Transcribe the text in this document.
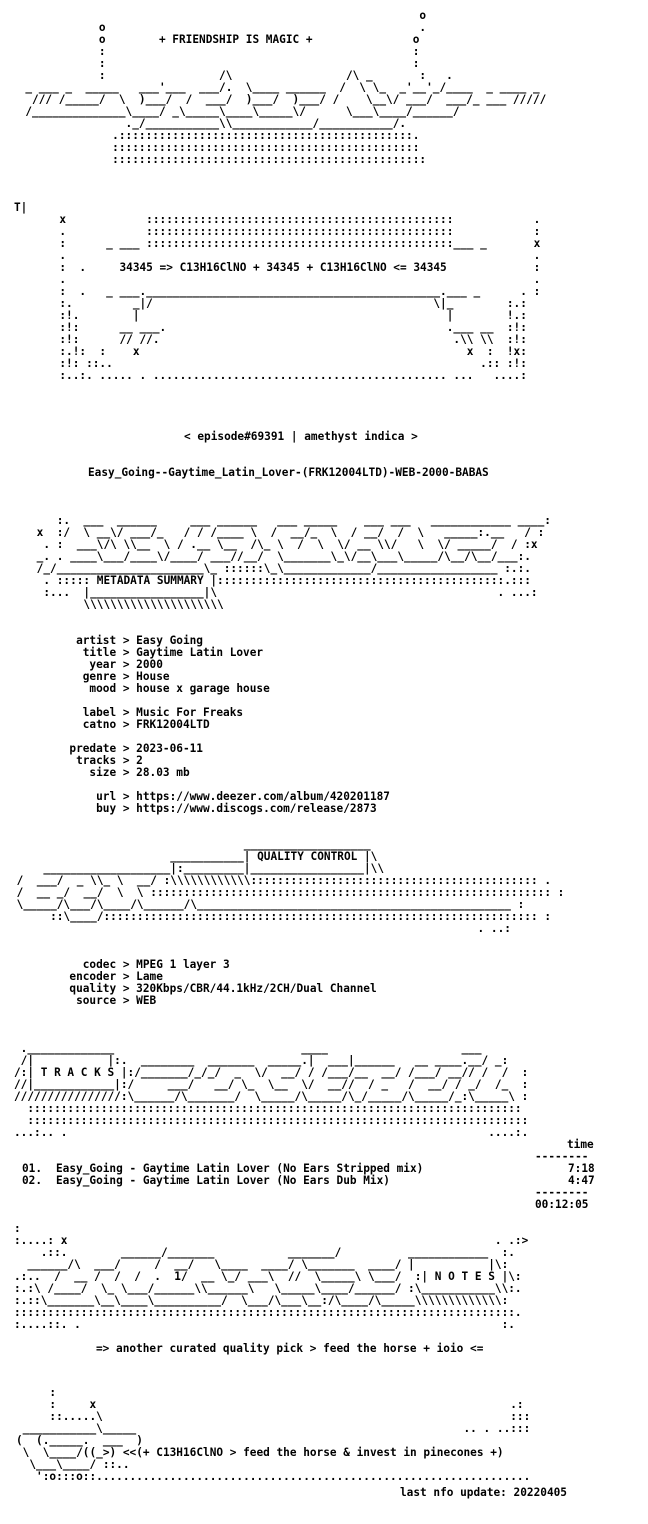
o
o                                               .
o        + FRIENDSHIP IS MAGIC +               o
:                                              :
:                                              :
:                 /\                 /\ _       :   .
_ ___ _  _____   ___'___  ___/.  \____ ______  /  \ \_  _'__'_/____  _ ____ _
/// /_____/  \  )___/  /  ___/  )___/  )___/ /    \__\/ ___/  ___/_ ___ /////
/______________\____/ _\_____\____\_____\/      \___\____/______/
._/___________\\____________/___________/.
.::::::::::::::::::::::::::::::::::::::::::::.
::::::::::::::::::::::::::::::::::::::::::::::
:::::::::::::::::::::::::::::::::::::::::::::::
T|
x            ::::::::::::::::::::::::::::::::::::::::::::::            .
.            ::::::::::::::::::::::::::::::::::::::::::::::            :
:      _ ___ ::::::::::::::::::::::::::::::::::::::::::::::___ _       x
.                                                                      .
:  .     34345 => C13H16ClNO + 34345 + C13H16ClNO <= 34345             :
.                                                                      .
:  .   _ ___.____________________________________________.___ _      . :
:.         _|/                                          \|_        :.:
:!.        |                                              |        !.:
:!:      __ ___.                                          .___ __  :!:
:!:      // //.                                            .\\ \\  :!:
:.!:  :    x                                                 x  :  !x:
:!: ::..                                                       .:: :!:
:..:. ..... . ............................................ ...   ....:
< episode#69391 | amethyst indica >
Easy_Going--Gaytime_Latin_Lover-(FRK12004LTD)-WEB-2000-BABAS
:.  ___  ______     ___ ______   ___ _____    ___ ___   ____________ ____:
x  :/  \ __\/ ___/_   / / /____ \  /  __/_  \  / __/  /  \   _____:.__   / :
. :  ___\/\ \\__  \ / .__ \__  /\_ \  /  \  \/ __ \\/   \  \/ _____/  / :x
_. . ____\___/____\/____/ ___//__/  \_______\_\/__\___\_____/\__/\__/___:.
/_/______________________\_ ::::::\_\_____________/__________________ :.:.
. ::::: METADATA SUMMARY |:::::::::::::::::::::::::::::::::::::::::::.:::
:...  |_________________|\                                          . ...:
\\\\\\\\\\\\\\\\\\\\\
artist > Easy Going
title > Gaytime Latin Lover
year > 2000
genre > House
mood > house x garage house

label > Music For Freaks
catno > FRK12004LTD

predate > 2023-06-11
tracks > 2
size > 28.03 mb

url > https://www.deezer.com/album/420201187
buy > https://www.discogs.com/release/2873
___________________
___________| QUALITY CONTROL |\
___________________|:_________|_________________|\\
/  ___/  _ \\_ \  __/ :\\\\\\\\\\\\::::::::::::::::::::::::::::::::::::::::::: .
/  __ _/  __/  \  \ :::::::::::::::::::::::::::::::::::::::::::::::::::::::::::: :
\_____/\___/\____/\______/\_______________________________________________ :
::\____/::::::::::::::::::::::::::::::::::::::::::::::::::::::::::::::::: :
. ..:
codec > MPEG 1 layer 3
encoder > Lame
quality > 320Kbps/CBR/44.1kHz/2CH/Dual Channel
source > WEB
._____________                            ____                    ___
/|           |:.  ________  _______  _____.|  ___|______   __ ____.__/ _:
/:| T R A C K S |:/_______/_/_/  _  \/  __/ / /___/__  __/ /___/ __// /  /  :
//|____________|:/     ___/   __/ \_  \__  \/  __//  / _   /  __/ / _/  /_  :
////////////////:\______/\_______/  \_____/\_____/\_/_____/\_____/_:\_____\ :
::::::::::::::::::::::::::::::::::::::::::::::::::::::::::::::::::::::::::
:::::::::::::::::::::::::::::::::::::::::::::::::::::::::::::::::::::::::::
...:.. .                                                               ....:.
time
--------
01. Easy_Going - Gaytime Latin Lover (No Ears Stripped mix)	7:18
02. Easy_Going - Gaytime Latin Lover (No Ears Dub Mix)	4:47
--------
00:12:05
:
:....: x                                                                . .:>
.::.        ______/_______           _______/          ____________  :.
______/\  ___/     /  __/   \____  ____/ \_______  ____/ |           |\:
.:..  /  __ /  /  /  .  1/  __ \_/ ___\  //  \_____\ \___/  :| N O T E S |\:
:.:\ /____/  \_ \___/______\\______\   \_____\____/______/ :\___________\\:.
:.::\_______\__\____\__________/  \___/\___\__:/\____/\_____\\\\\\\\\\\\\:
:::::::::::::::::::::::::::::::::::::::::::::::::::::::::::::::::::::::::::.
:....::. .                                                               :.
=> another curated quality pick > feed the horse + ioio <=
:
:     x                                                              .:
::.....\                                                             :::
___________\_____                                                 .. . ..:::
(  (._____.  ___  )
\  \____/((_>) <<(+ C13H16ClNO > feed the horse & invest in pinecones +)
\___\____/ ::..
':o:::o::.................................................................
last nfo update: 20220405
